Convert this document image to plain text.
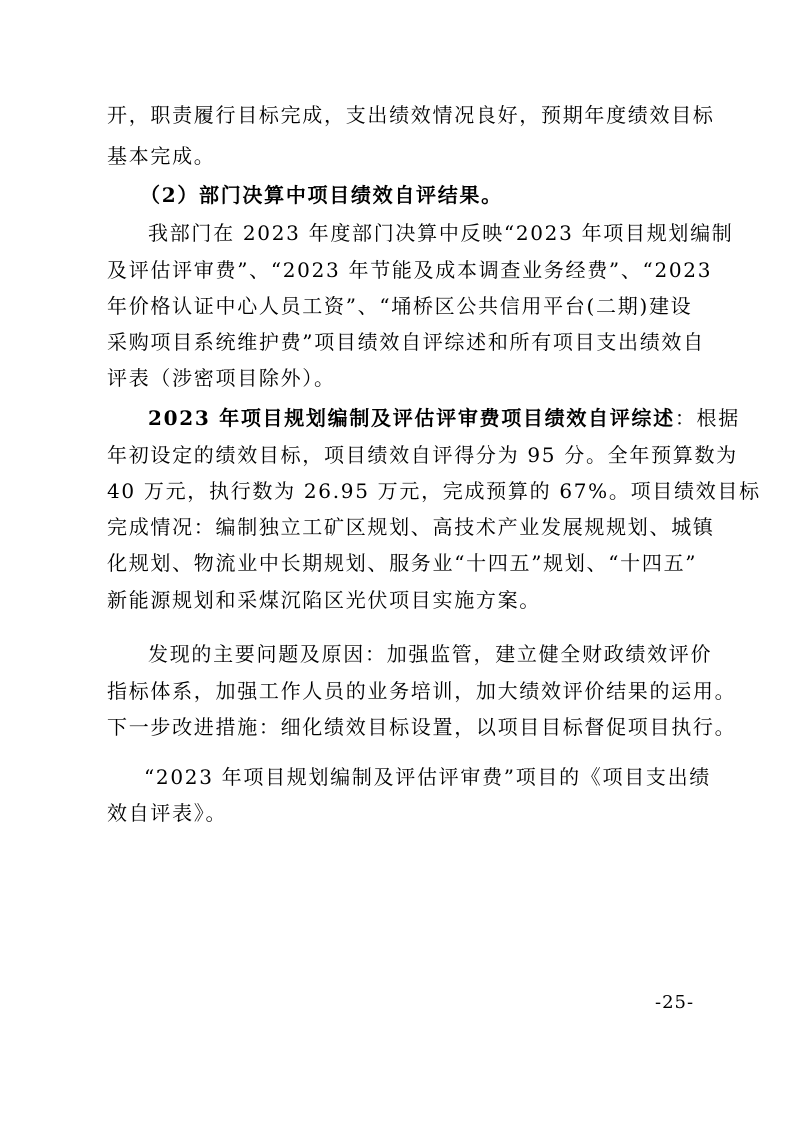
开，职责履行目标完成，支出绩效情况良好，预期年度绩效目标
基本完成。
（2）部门决算中项目绩效自评结果。
我部门在 2023 年度部门决算中反映“2023 年项目规划编制
及评估评审费”、“2023 年节能及成本调查业务经费”、“2023
年价格认证中心人员工资”、“埇桥区公共信用平台(二期)建设
采购项目系统维护费”项目绩效自评综述和所有项目支出绩效自
评表（涉密项目除外）。
2023 年项目规划编制及评估评审费项目绩效自评综述：根据
年初设定的绩效目标，项目绩效自评得分为 95 分。全年预算数为
40 万元，执行数为 26.95 万元，完成预算的 67%。项目绩效目标
完成情况：编制独立工矿区规划、高技术产业发展规规划、城镇
化规划、物流业中长期规划、服务业“十四五”规划、“十四五”
新能源规划和采煤沉陷区光伏项目实施方案。
发现的主要问题及原因：加强监管，建立健全财政绩效评价
指标体系，加强工作人员的业务培训，加大绩效评价结果的运用。
下一步改进措施：细化绩效目标设置，以项目目标督促项目执行。
“2023 年项目规划编制及评估评审费”项目的《项目支出绩
效自评表》。
-25-
